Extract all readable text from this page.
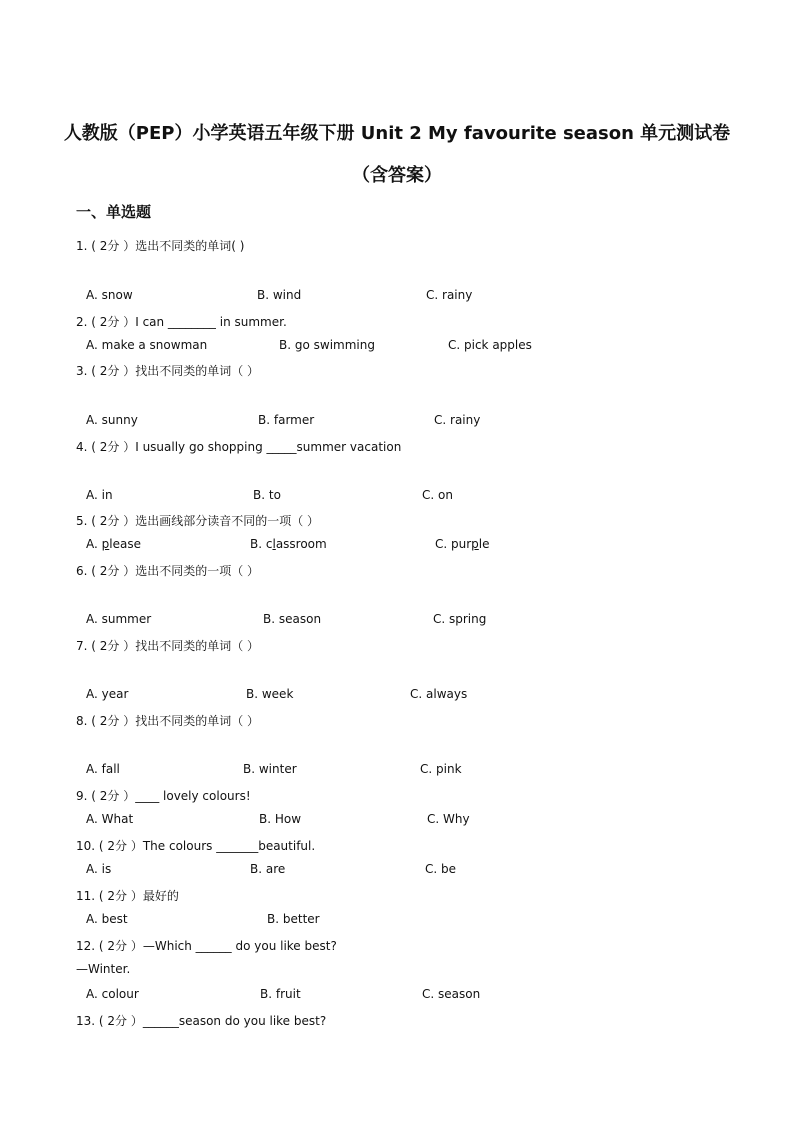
人教版（PEP）小学英语五年级下册 Unit 2 My favourite season 单元测试卷（含答案）
一、单选题
1. ( 2分 ）选出不同类的单词( )
A. snow	B. wind	C. rainy
2. ( 2分 ）I can ________ in summer.
A. make a snowman	B. go swimming	C. pick apples
3. ( 2分 ）找出不同类的单词（ ）
A. sunny	B. farmer	C. rainy
4. ( 2分 ）I usually go shopping _____summer vacation
A. in	B. to	C. on
5. ( 2分 ）选出画线部分读音不同的一项（ ）
A. please	B. classroom	C. purple
6. ( 2分 ）选出不同类的一项（ ）
A. summer	B. season	C. spring
7. ( 2分 ）找出不同类的单词（ ）
A. year	B. week	C. always
8. ( 2分 ）找出不同类的单词（ ）
A. fall	B. winter	C. pink
9. ( 2分 ）____ lovely colours!
A. What	B. How	C. Why
10. ( 2分 ）The colours _______beautiful.
A. is	B. are	C. be
11. ( 2分 ）最好的
A. best	B. better
12. ( 2分 ）—Which ______ do you like best?
—Winter.
A. colour	B. fruit	C. season
13. ( 2分 ）______season do you like best?
